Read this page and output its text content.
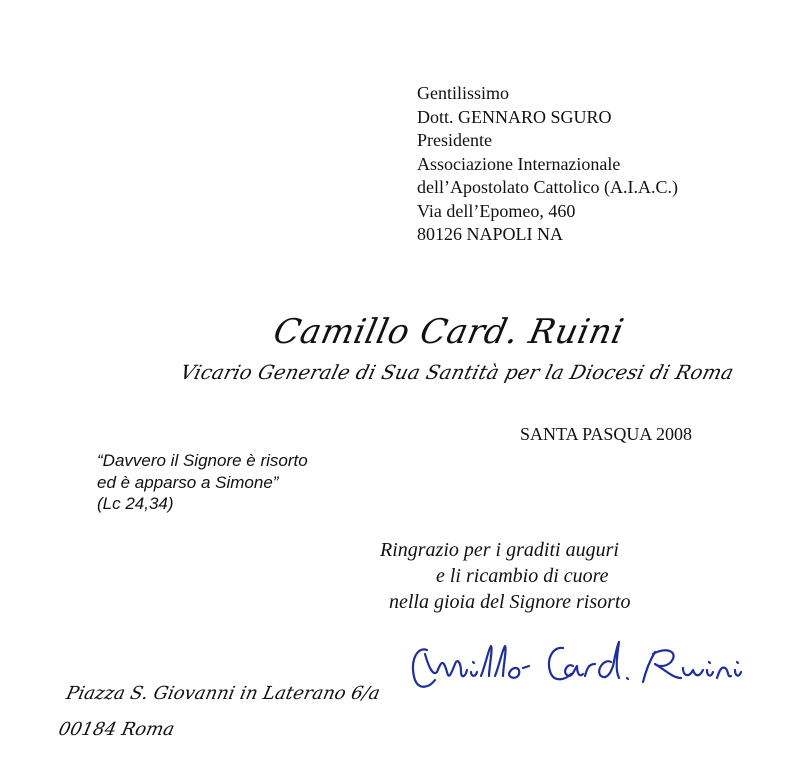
Gentilissimo
Dott. GENNARO SGURO
Presidente
Associazione Internazionale
dell’Apostolato Cattolico (A.I.A.C.)
Via dell’Epomeo, 460
80126 NAPOLI NA
Camillo Card. Ruini
Vicario Generale di Sua Santità per la Diocesi di Roma
SANTA PASQUA 2008
“Davvero il Signore è risorto
ed è apparso a Simone”
(Lc 24,34)
Ringrazio per i graditi auguri
e li ricambio di cuore
nella gioia del Signore risorto
Piazza S. Giovanni in Laterano 6/a
00184 Roma
